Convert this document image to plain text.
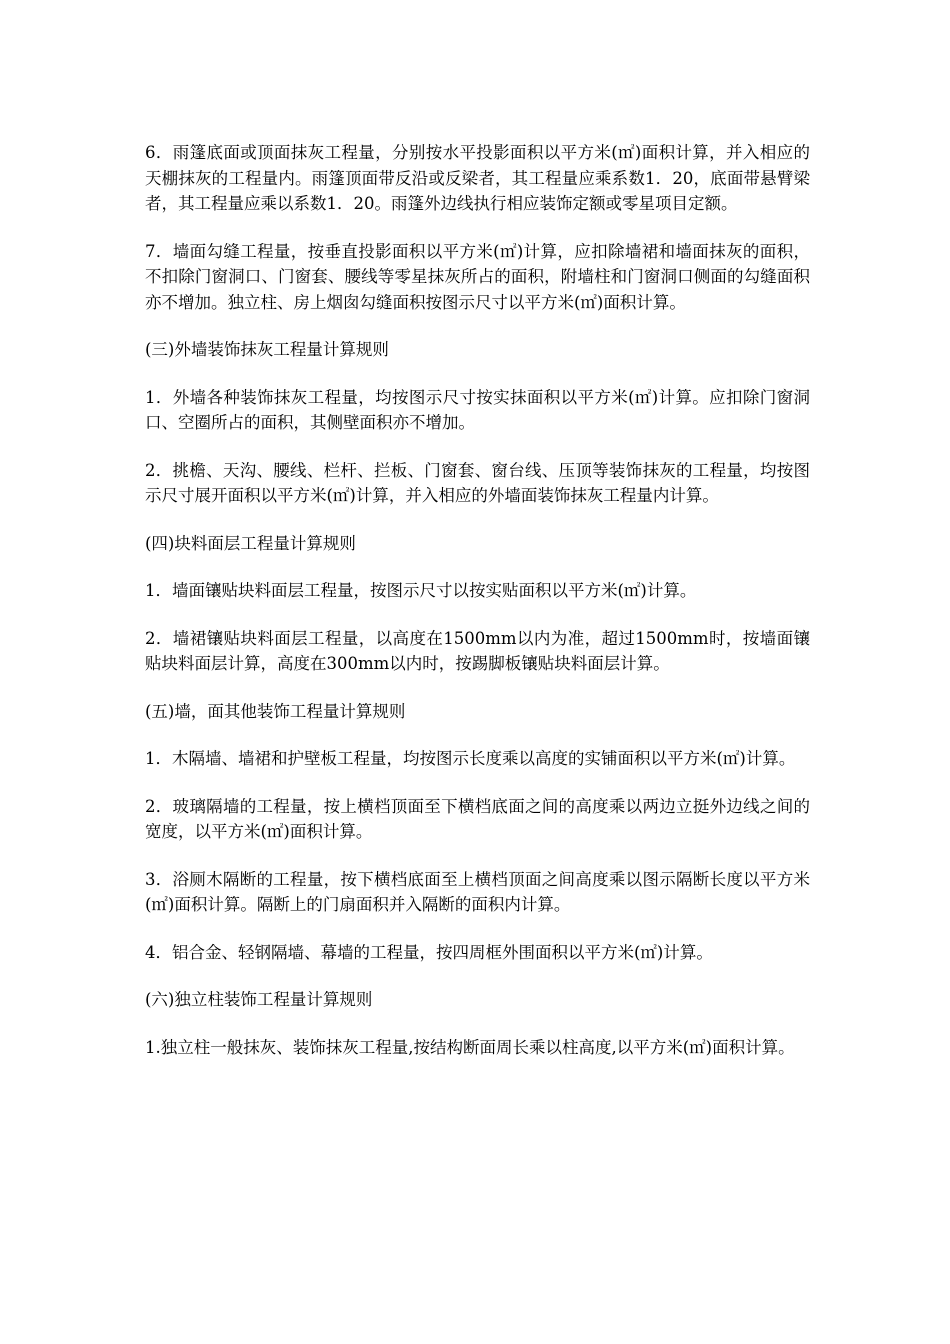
6．雨篷底面或顶面抹灰工程量，分别按水平投影面积以平方米(㎡)面积计算，并入相应的天棚抹灰的工程量内。雨篷顶面带反沿或反梁者，其工程量应乘系数1．20，底面带悬臂梁者，其工程量应乘以系数1．20。雨篷外边线执行相应装饰定额或零星项目定额。

7．墙面勾缝工程量，按垂直投影面积以平方米(㎡)计算，应扣除墙裙和墙面抹灰的面积，不扣除门窗洞口、门窗套、腰线等零星抹灰所占的面积，附墙柱和门窗洞口侧面的勾缝面积亦不增加。独立柱、房上烟囱勾缝面积按图示尺寸以平方米(㎡)面积计算。

(三)外墙装饰抹灰工程量计算规则

1．外墙各种装饰抹灰工程量，均按图示尺寸按实抹面积以平方米(㎡)计算。应扣除门窗洞口、空圈所占的面积，其侧壁面积亦不增加。

2．挑檐、天沟、腰线、栏杆、拦板、门窗套、窗台线、压顶等装饰抹灰的工程量，均按图示尺寸展开面积以平方米(㎡)计算，并入相应的外墙面装饰抹灰工程量内计算。

(四)块料面层工程量计算规则

1．墙面镶贴块料面层工程量，按图示尺寸以按实贴面积以平方米(㎡)计算。

2．墙裙镶贴块料面层工程量，以高度在1500mm以内为准，超过1500mm时，按墙面镶贴块料面层计算，高度在300mm以内时，按踢脚板镶贴块料面层计算。

(五)墙，面其他装饰工程量计算规则

1．木隔墙、墙裙和护壁板工程量，均按图示长度乘以高度的实铺面积以平方米(㎡)计算。

2．玻璃隔墙的工程量，按上横档顶面至下横档底面之间的高度乘以两边立挺外边线之间的宽度，以平方米(㎡)面积计算。

3．浴厕木隔断的工程量，按下横档底面至上横档顶面之间高度乘以图示隔断长度以平方米(㎡)面积计算。隔断上的门扇面积并入隔断的面积内计算。

4．铝合金、轻钢隔墙、幕墙的工程量，按四周框外围面积以平方米(㎡)计算。

(六)独立柱装饰工程量计算规则

1.独立柱一般抹灰、装饰抹灰工程量,按结构断面周长乘以柱高度,以平方米(㎡)面积计算。
